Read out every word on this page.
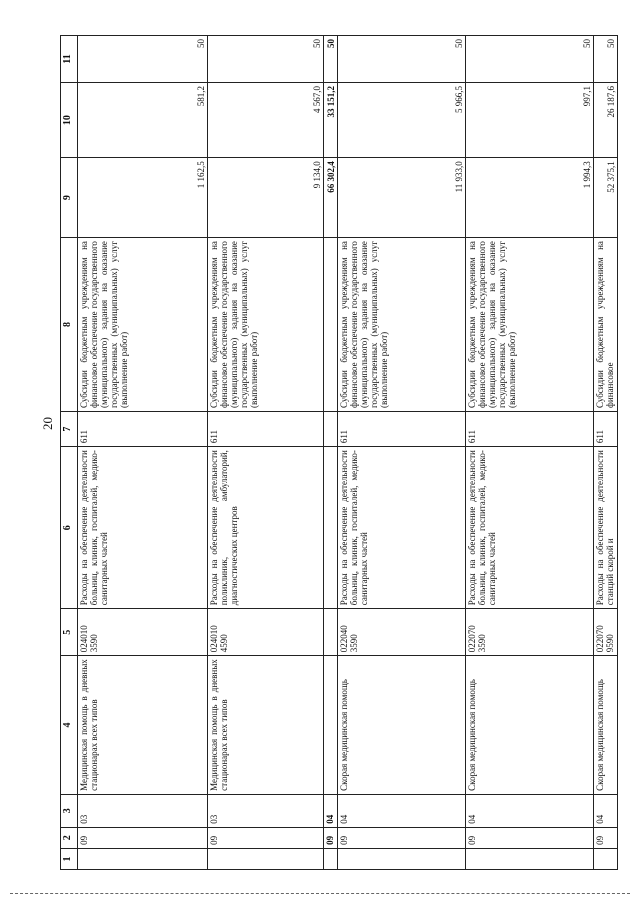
20
1	2	3	4	5	6	7	8	9	10	11
	09	03	Медицинская помощь в дневных стационарах всех типов	024010 3590	Расходы на обеспечение деятельности больниц, клиник, госпиталей, медико-санитарных частей	611	Субсидии бюджетным учреждениям на финансовое обеспечение государственного (муниципального) задания на оказание государственных (муниципальных) услуг (выполнение работ)	1 162,5	581,2	50
	09	03	Медицинская помощь в дневных стационарах всех типов	024010 4590	Расходы на обеспечение деятельности поликлиник, амбулаторий, диагностических центров	611	Субсидии бюджетным учреждениям на финансовое обеспечение государственного (муниципального) задания на оказание государственных (муниципальных) услуг (выполнение работ)	9 134,0	4 567,0	50
	09	04						66 302,4	33 151,2	50
	09	04	Скорая медицинская помощь	022040 3590	Расходы на обеспечение деятельности больниц, клиник, госпиталей, медико-санитарных частей	611	Субсидии бюджетным учреждениям на финансовое обеспечение государственного (муниципального) задания на оказание государственных (муниципальных) услуг (выполнение работ)	11 933,0	5 966,5	50
	09	04	Скорая медицинская помощь	022070 3590	Расходы на обеспечение деятельности больниц, клиник, госпиталей, медико-санитарных частей	611	Субсидии бюджетным учреждениям на финансовое обеспечение государственного (муниципального) задания на оказание государственных (муниципальных) услуг (выполнение работ)	1 994,3	997,1	50
	09	04	Скорая медицинская помощь	022070 9590	Расходы на обеспечение деятельности станций скорой и	611	Субсидии бюджетным учреждениям на финансовое	52 375,1	26 187,6	50
